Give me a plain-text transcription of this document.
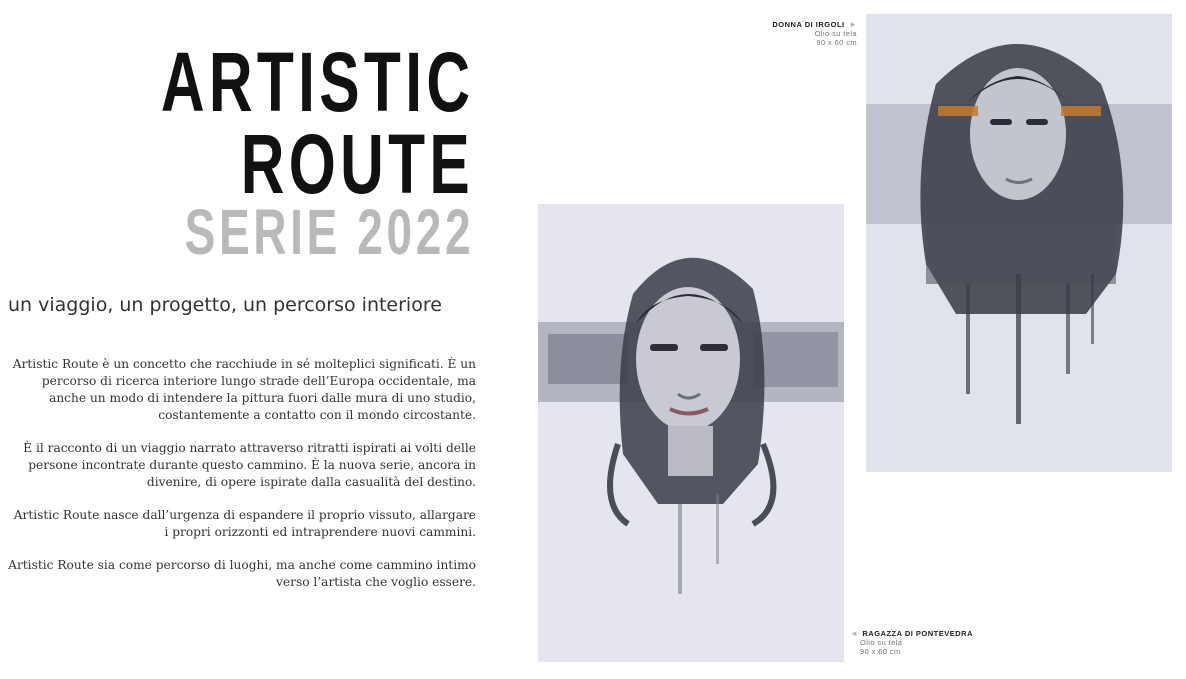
ARTISTIC
ROUTE
SERIE 2022

un viaggio, un progetto, un percorso interiore

Artistic Route è un concetto che racchiude in sé molteplici significati. È un percorso di ricerca interiore lungo strade dell’Europa occidentale, ma anche un modo di intendere la pittura fuori dalle mura di uno studio, costantemente a contatto con il mondo circostante.

È il racconto di un viaggio narrato attraverso ritratti ispirati ai volti delle persone incontrate durante questo cammino. È la nuova serie, ancora in divenire, di opere ispirate dalla casualità del destino.

Artistic Route nasce dall’urgenza di espandere il proprio vissuto, allargare i propri orizzonti ed intraprendere nuovi cammini.

Artistic Route sia come percorso di luoghi, ma anche come cammino intimo verso l’artista che voglio essere.

DONNA DI IRGOLI ►
Olio su tela
90 x 60 cm
◄ RAGAZZA DI PONTEVEDRA
Olio su tela
90 x 60 cm
